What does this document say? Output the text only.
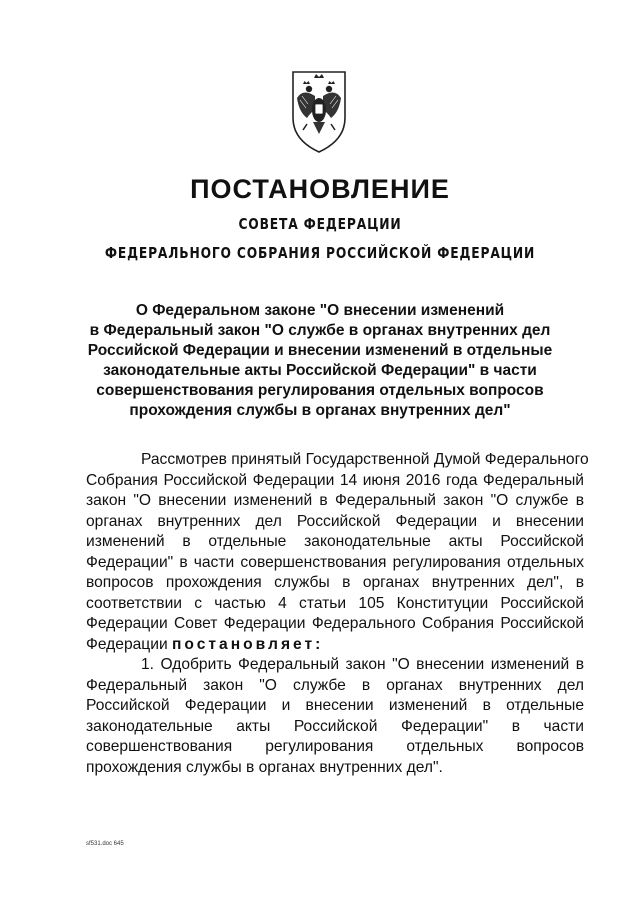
ПОСТАНОВЛЕНИЕ
СОВЕТА ФЕДЕРАЦИИ
ФЕДЕРАЛЬНОГО СОБРАНИЯ РОССИЙСКОЙ ФЕДЕРАЦИИ
О Федеральном законе "О внесении изменений
в Федеральный закон "О службе в органах внутренних дел
Российской Федерации и внесении изменений в отдельные
законодательные акты Российской Федерации" в части
совершенствования регулирования отдельных вопросов
прохождения службы в органах внутренних дел"
Рассмотрев принятый Государственной Думой Федерального
Собрания Российской Федерации 14 июня 2016 года Федеральный
закон "О внесении изменений в Федеральный закон "О службе в
органах внутренних дел Российской Федерации и внесении
изменений в отдельные законодательные акты Российской
Федерации" в части совершенствования регулирования отдельных
вопросов прохождения службы в органах внутренних дел", в
соответствии с частью 4 статьи 105 Конституции Российской
Федерации Совет Федерации Федерального Собрания Российской
Федерации постановляет:
1. Одобрить Федеральный закон "О внесении изменений в
Федеральный закон "О службе в органах внутренних дел
Российской Федерации и внесении изменений в отдельные
законодательные акты Российской Федерации" в части
совершенствования регулирования отдельных вопросов
прохождения службы в органах внутренних дел".
sf531.doc 645
